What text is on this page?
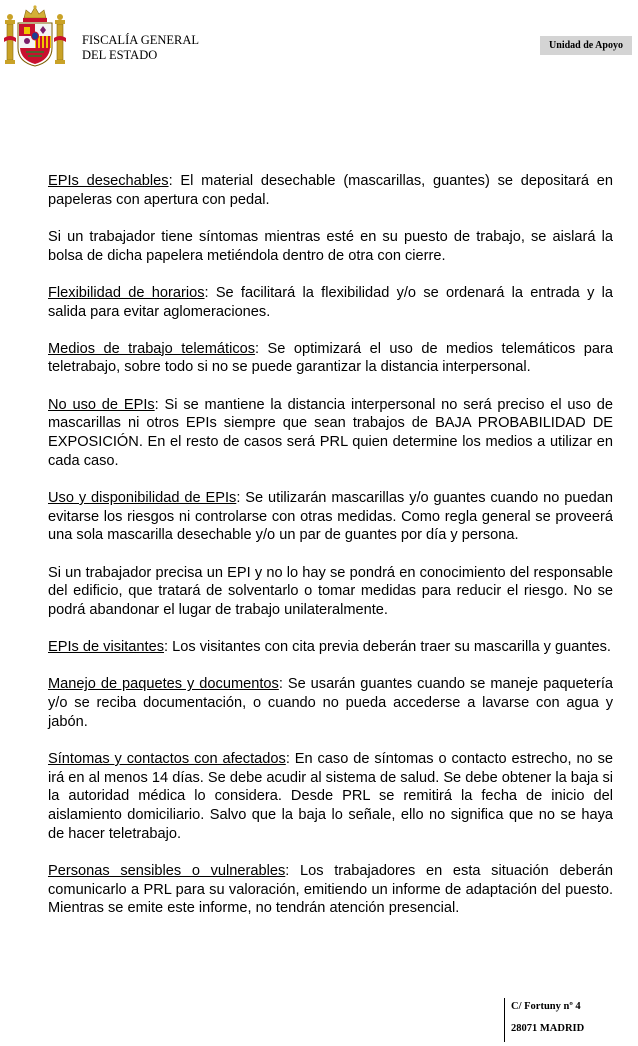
FISCALÍA GENERAL
DEL ESTADO
Unidad de Apoyo

EPIs desechables: El material desechable (mascarillas, guantes) se depositará en papeleras con apertura con pedal.

Si un trabajador tiene síntomas mientras esté en su puesto de trabajo, se aislará la bolsa de dicha papelera metiéndola dentro de otra con cierre.

Flexibilidad de horarios: Se facilitará la flexibilidad y/o se ordenará la entrada y la salida para evitar aglomeraciones.

Medios de trabajo telemáticos: Se optimizará el uso de medios telemáticos para teletrabajo, sobre todo si no se puede garantizar la distancia interpersonal.

No uso de EPIs: Si se mantiene la distancia interpersonal no será preciso el uso de mascarillas ni otros EPIs siempre que sean trabajos de BAJA PROBABILIDAD DE EXPOSICIÓN. En el resto de casos será PRL quien determine los medios a utilizar en cada caso.

Uso y disponibilidad de EPIs: Se utilizarán mascarillas y/o guantes cuando no puedan evitarse los riesgos ni controlarse con otras medidas. Como regla general se proveerá una sola mascarilla desechable y/o un par de guantes por día y persona.

Si un trabajador precisa un EPI y no lo hay se pondrá en conocimiento del responsable del edificio, que tratará de solventarlo o tomar medidas para reducir el riesgo. No se podrá abandonar el lugar de trabajo unilateralmente.

EPIs de visitantes: Los visitantes con cita previa deberán traer su mascarilla y guantes.

Manejo de paquetes y documentos: Se usarán guantes cuando se maneje paquetería y/o se reciba documentación, o cuando no pueda accederse a lavarse con agua y jabón.

Síntomas y contactos con afectados: En caso de síntomas o contacto estrecho, no se irá en al menos 14 días. Se debe acudir al sistema de salud. Se debe obtener la baja si la autoridad médica lo considera. Desde PRL se remitirá la fecha de inicio del aislamiento domiciliario. Salvo que la baja lo señale, ello no significa que no se haya de hacer teletrabajo.

Personas sensibles o vulnerables: Los trabajadores en esta situación deberán comunicarlo a PRL para su valoración, emitiendo un informe de adaptación del puesto. Mientras se emite este informe, no tendrán atención presencial.

C/ Fortuny nº 4
28071 MADRID
